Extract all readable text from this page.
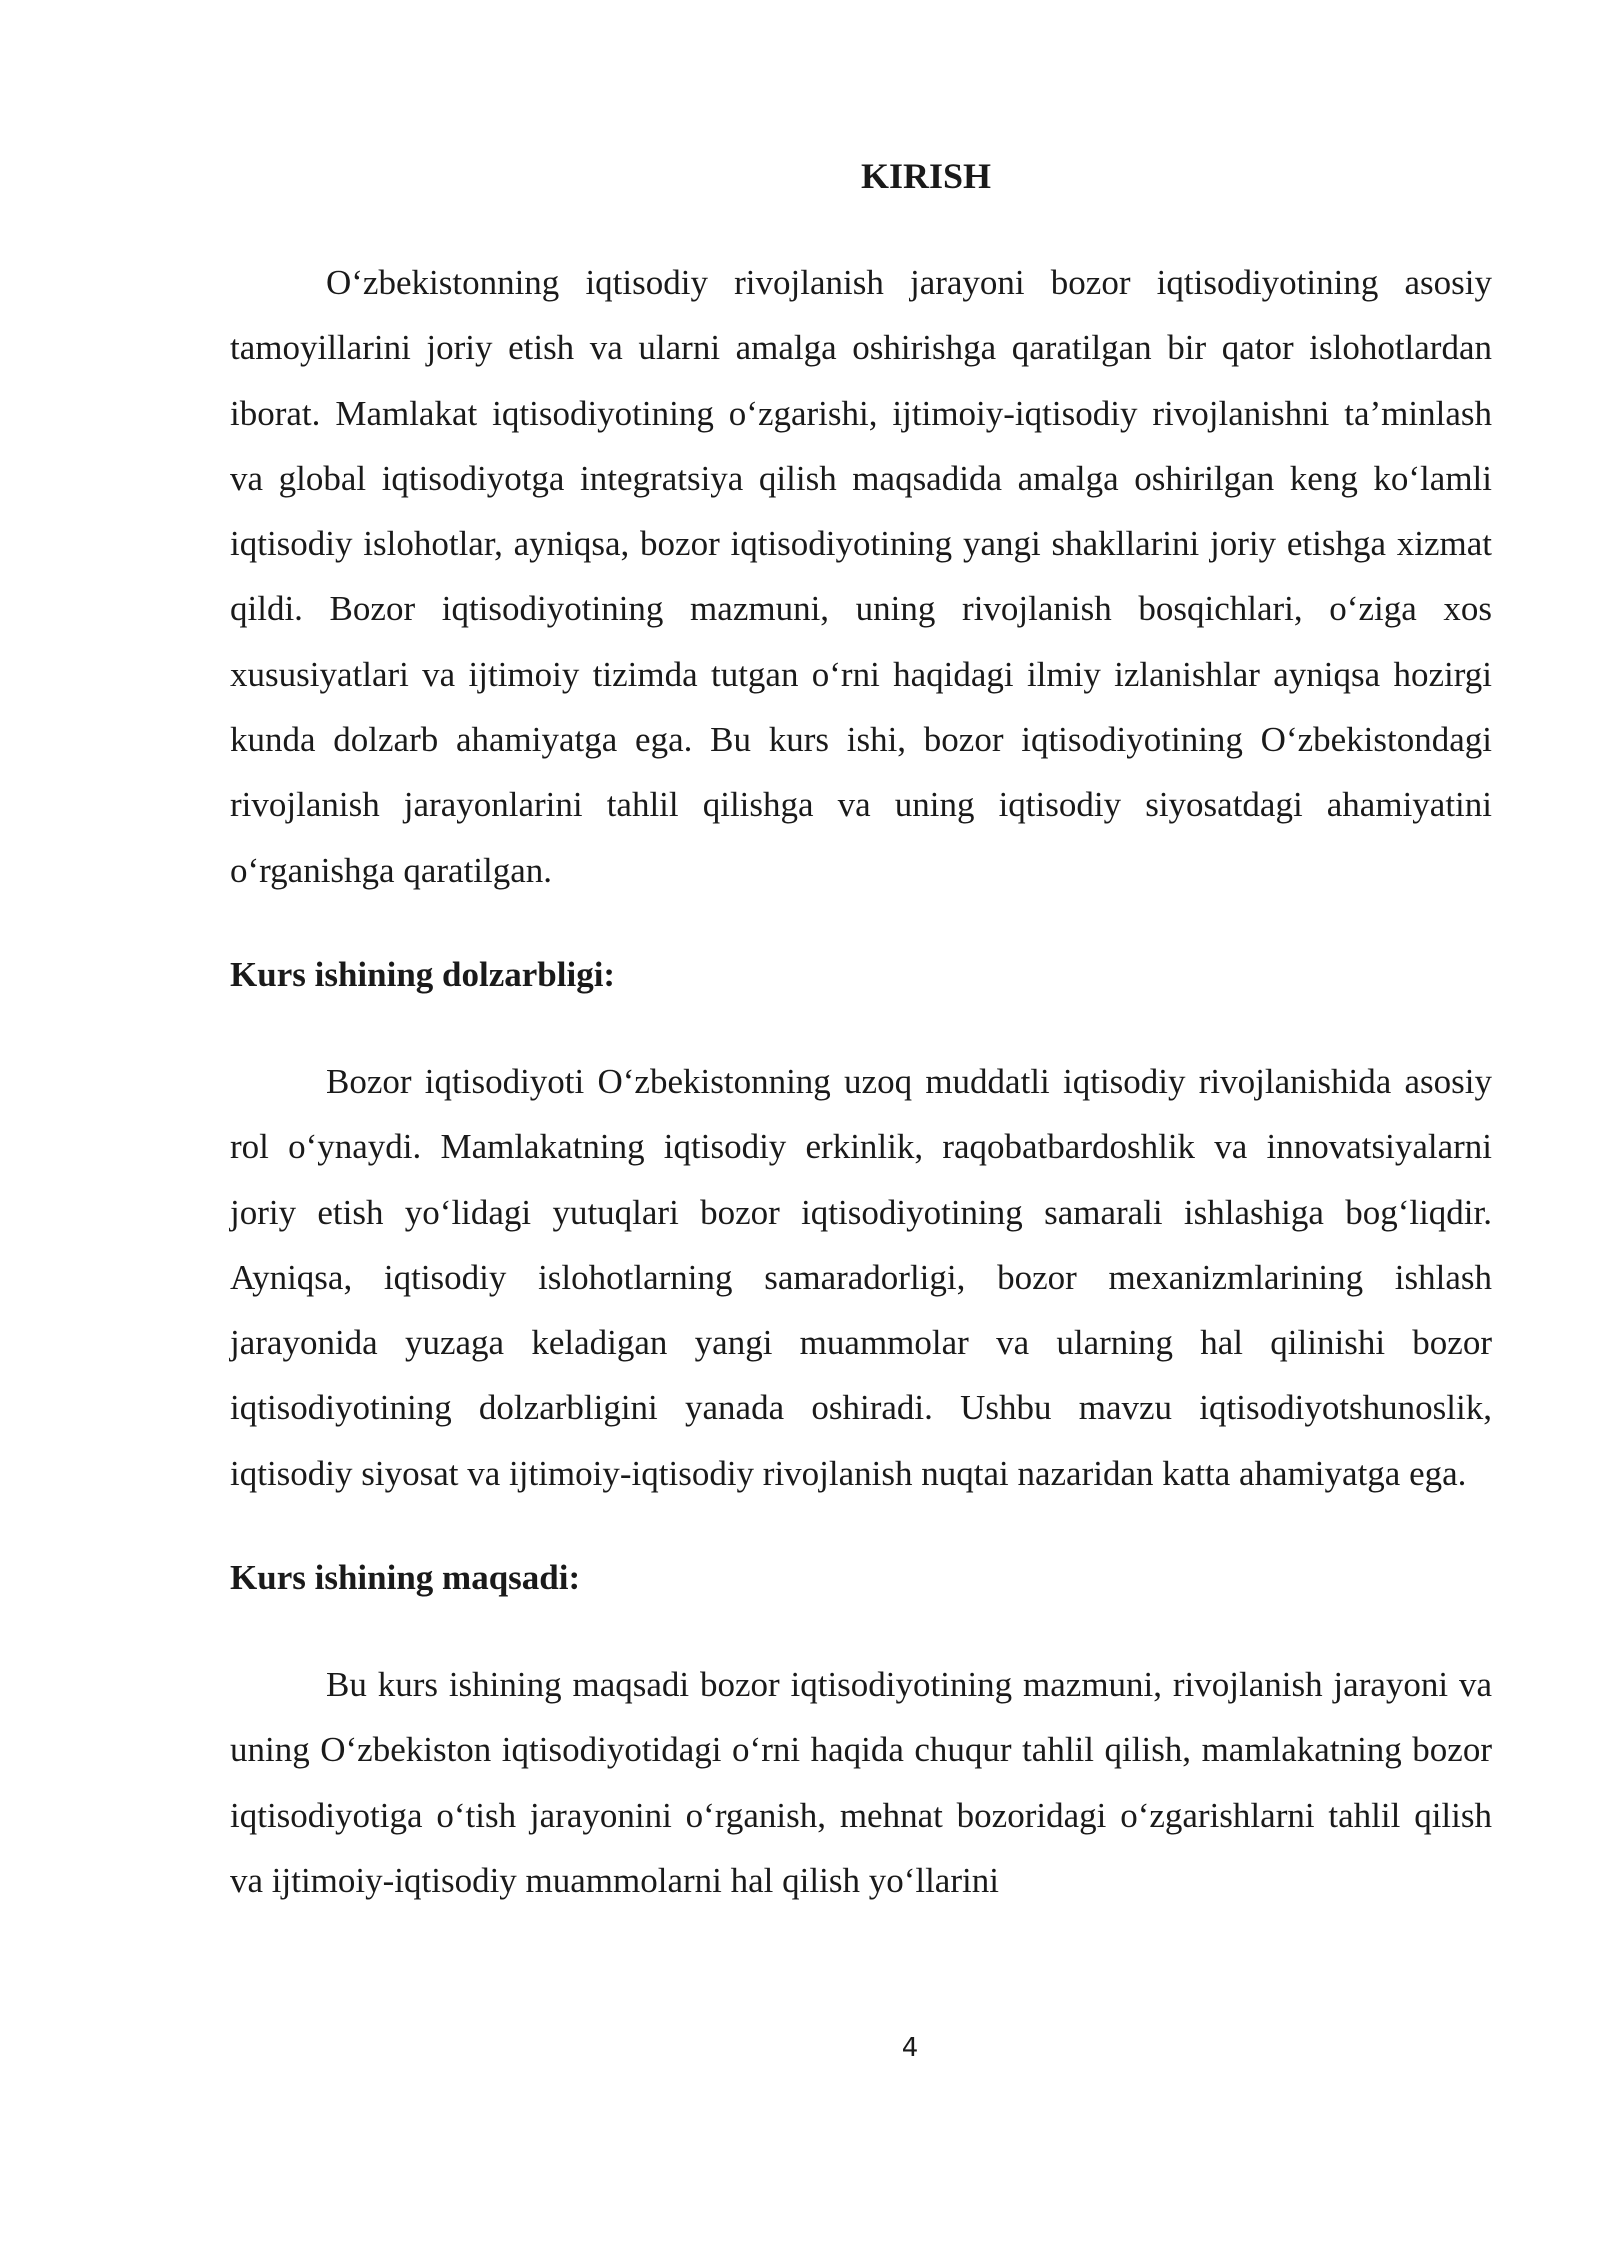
KIRISH

O‘zbekistonning iqtisodiy rivojlanish jarayoni bozor iqtisodiyotining asosiy tamoyillarini joriy etish va ularni amalga oshirishga qaratilgan bir qator islohotlardan iborat. Mamlakat iqtisodiyotining o‘zgarishi, ijtimoiy-iqtisodiy rivojlanishni ta’minlash va global iqtisodiyotga integratsiya qilish maqsadida amalga oshirilgan keng ko‘lamli iqtisodiy islohotlar, ayniqsa, bozor iqtisodiyotining yangi shakllarini joriy etishga xizmat qildi. Bozor iqtisodiyotining mazmuni, uning rivojlanish bosqichlari, o‘ziga xos xususiyatlari va ijtimoiy tizimda tutgan o‘rni haqidagi ilmiy izlanishlar ayniqsa hozirgi kunda dolzarb ahamiyatga ega. Bu kurs ishi, bozor iqtisodiyotining O‘zbekistondagi rivojlanish jarayonlarini tahlil qilishga va uning iqtisodiy siyosatdagi ahamiyatini o‘rganishga qaratilgan.

Kurs ishining dolzarbligi:

Bozor iqtisodiyoti O‘zbekistonning uzoq muddatli iqtisodiy rivojlanishida asosiy rol o‘ynaydi. Mamlakatning iqtisodiy erkinlik, raqobatbardoshlik va innovatsiyalarni joriy etish yo‘lidagi yutuqlari bozor iqtisodiyotining samarali ishlashiga bog‘liqdir. Ayniqsa, iqtisodiy islohotlarning samaradorligi, bozor mexanizmlarining ishlash jarayonida yuzaga keladigan yangi muammolar va ularning hal qilinishi bozor iqtisodiyotining dolzarbligini yanada oshiradi. Ushbu mavzu iqtisodiyotshunoslik, iqtisodiy siyosat va ijtimoiy-iqtisodiy rivojlanish nuqtai nazaridan katta ahamiyatga ega.

Kurs ishining maqsadi:

Bu kurs ishining maqsadi bozor iqtisodiyotining mazmuni, rivojlanish jarayoni va uning O‘zbekiston iqtisodiyotidagi o‘rni haqida chuqur tahlil qilish, mamlakatning bozor iqtisodiyotiga o‘tish jarayonini o‘rganish, mehnat bozoridagi o‘zgarishlarni tahlil qilish va ijtimoiy-iqtisodiy muammolarni hal qilish yo‘llarini

4
